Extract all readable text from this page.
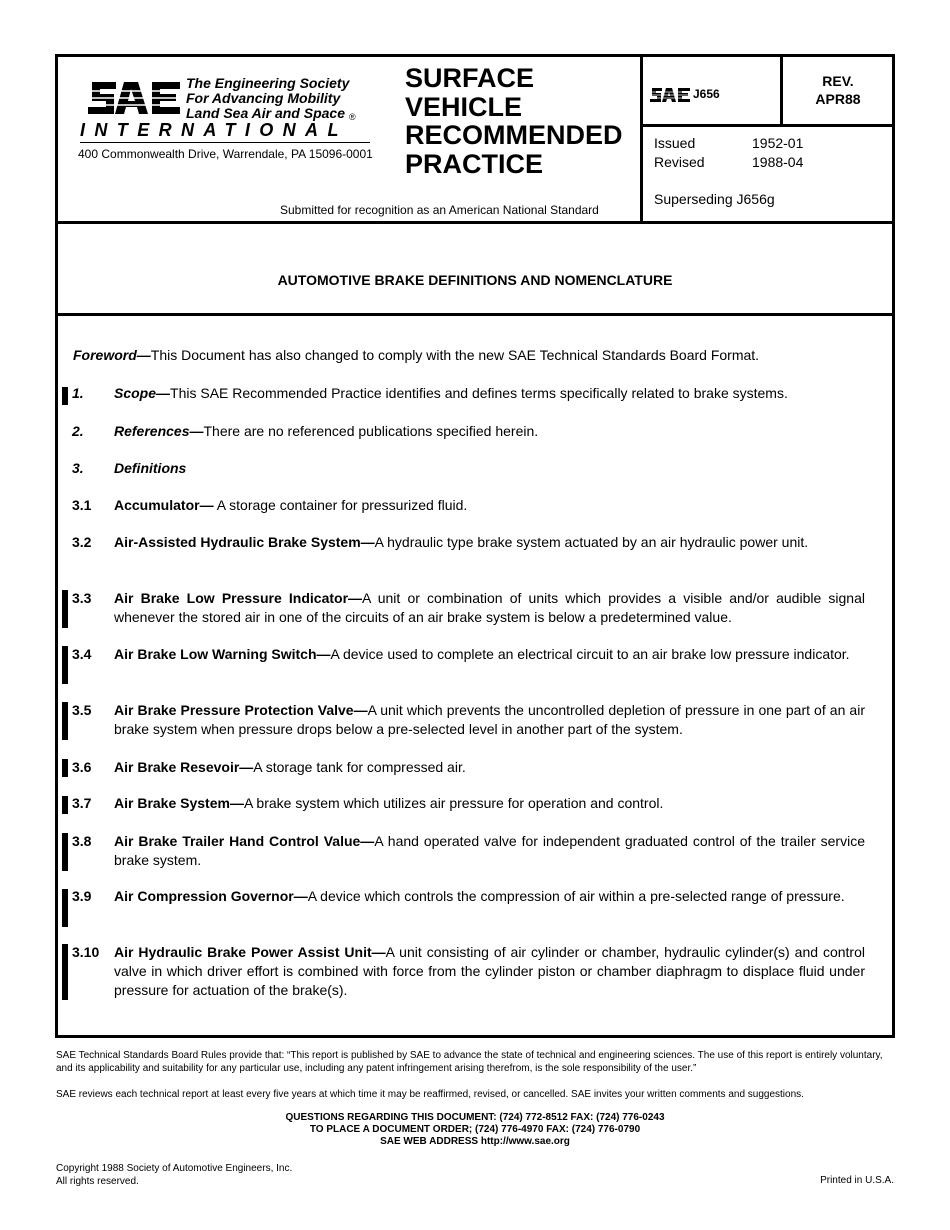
The Engineering Society
For Advancing Mobility
Land Sea Air and Space ®
INTERNATIONAL
400 Commonwealth Drive, Warrendale, PA 15096-0001
SURFACE
VEHICLE
RECOMMENDED
PRACTICE
Submitted for recognition as an American National Standard
J656
REV.
APR88
Issued	1952-01
Revised	1988-04
Superseding J656g
AUTOMOTIVE BRAKE DEFINITIONS AND NOMENCLATURE
Foreword—This Document has also changed to comply with the new SAE Technical Standards Board Format.
1. Scope—This SAE Recommended Practice identifies and defines terms specifically related to brake systems.
2. References—There are no referenced publications specified herein.
3. Definitions
3.1 Accumulator— A storage container for pressurized fluid.
3.2 Air-Assisted Hydraulic Brake System—A hydraulic type brake system actuated by an air hydraulic power unit.
3.3 Air Brake Low Pressure Indicator—A unit or combination of units which provides a visible and/or audible signal whenever the stored air in one of the circuits of an air brake system is below a predetermined value.
3.4 Air Brake Low Warning Switch—A device used to complete an electrical circuit to an air brake low pressure indicator.
3.5 Air Brake Pressure Protection Valve—A unit which prevents the uncontrolled depletion of pressure in one part of an air brake system when pressure drops below a pre-selected level in another part of the system.
3.6 Air Brake Resevoir—A storage tank for compressed air.
3.7 Air Brake System—A brake system which utilizes air pressure for operation and control.
3.8 Air Brake Trailer Hand Control Value—A hand operated valve for independent graduated control of the trailer service brake system.
3.9 Air Compression Governor—A device which controls the compression of air within a pre-selected range of pressure.
3.10 Air Hydraulic Brake Power Assist Unit—A unit consisting of air cylinder or chamber, hydraulic cylinder(s) and control valve in which driver effort is combined with force from the cylinder piston or chamber diaphragm to displace fluid under pressure for actuation of the brake(s).
SAE Technical Standards Board Rules provide that: “This report is published by SAE to advance the state of technical and engineering sciences. The use of this report is entirely voluntary, and its applicability and suitability for any particular use, including any patent infringement arising therefrom, is the sole responsibility of the user.”
SAE reviews each technical report at least every five years at which time it may be reaffirmed, revised, or cancelled. SAE invites your written comments and suggestions.
QUESTIONS REGARDING THIS DOCUMENT: (724) 772-8512 FAX: (724) 776-0243
TO PLACE A DOCUMENT ORDER; (724) 776-4970 FAX: (724) 776-0790
SAE WEB ADDRESS http://www.sae.org
Copyright 1988 Society of Automotive Engineers, Inc.
All rights reserved.	Printed in U.S.A.
